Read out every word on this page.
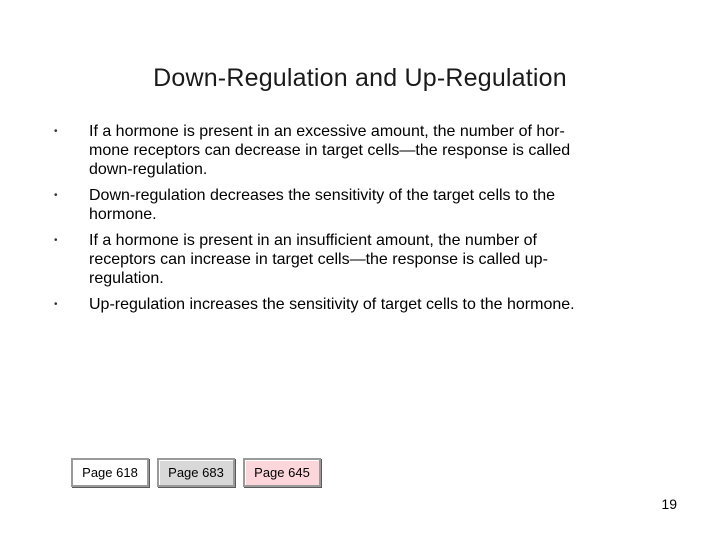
Down-Regulation and Up-Regulation
•	If a hormone is present in an excessive amount, the number of hor-
mone receptors can decrease in target cells—the response is called
down-regulation.
•	Down-regulation decreases the sensitivity of the target cells to the
hormone.
•	If a hormone is present in an insufficient amount, the number of
receptors can increase in target cells—the response is called up-
regulation.
•	Up-regulation increases the sensitivity of target cells to the hormone.
Page 618	Page 683	Page 645
19
